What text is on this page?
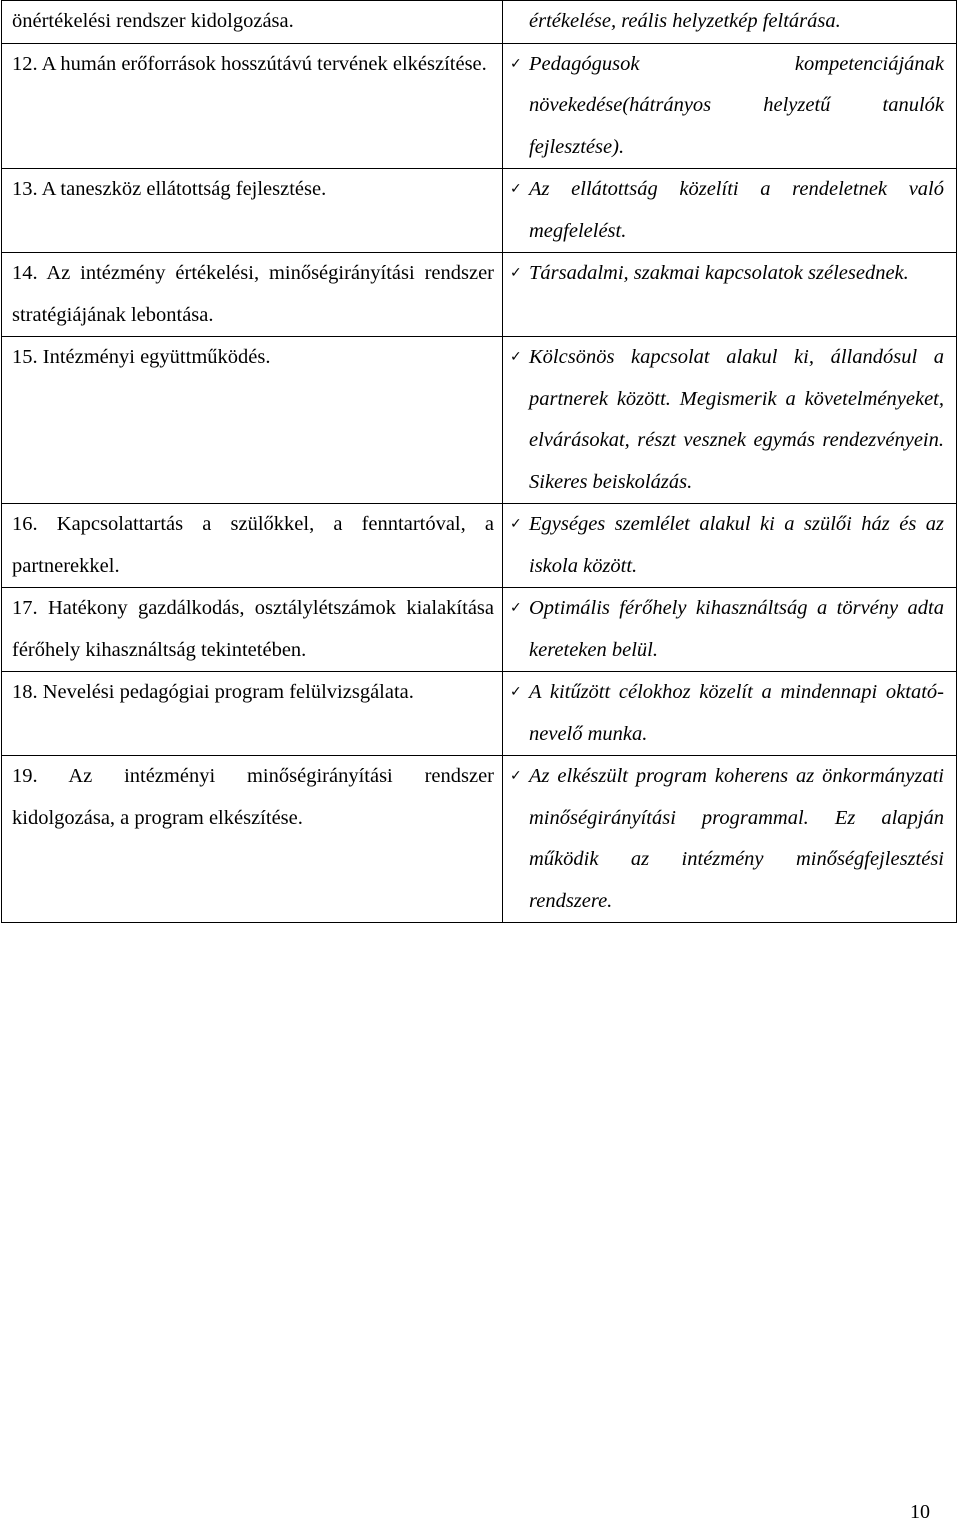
önértékelési rendszer kidolgozása.	értékelése, reális helyzetkép feltárása.

12. A humán erőforrások hosszútávú tervének elkészítése.	✓ Pedagógusok kompetenciájának növekedése(hátrányos helyzetű tanulók fejlesztése).

13. A taneszköz ellátottság fejlesztése.	✓ Az ellátottság közelíti a rendeletnek való megfelelést.

14. Az intézmény értékelési, minőségirányítási rendszer stratégiájának lebontása.	✓ Társadalmi, szakmai kapcsolatok szélesednek.

15. Intézményi együttműködés.	✓ Kölcsönös kapcsolat alakul ki, állandósul a partnerek között. Megismerik a követelményeket, elvárásokat, részt vesznek egymás rendezvényein. Sikeres beiskolázás.

16. Kapcsolattartás a szülőkkel, a fenntartóval, a partnerekkel.	✓ Egységes szemlélet alakul ki a szülői ház és az iskola között.

17. Hatékony gazdálkodás, osztálylétszámok kialakítása férőhely kihasználtság tekintetében.	✓ Optimális férőhely kihasználtság a törvény adta kereteken belül.

18. Nevelési pedagógiai program felülvizsgálata.	✓ A kitűzött célokhoz közelít a mindennapi oktató-nevelő munka.

19. Az intézményi minőségirányítási rendszer kidolgozása, a program elkészítése.	✓ Az elkészült program koherens az önkormányzati minőségirányítási programmal. Ez alapján működik az intézmény minőségfejlesztési rendszere.
10
